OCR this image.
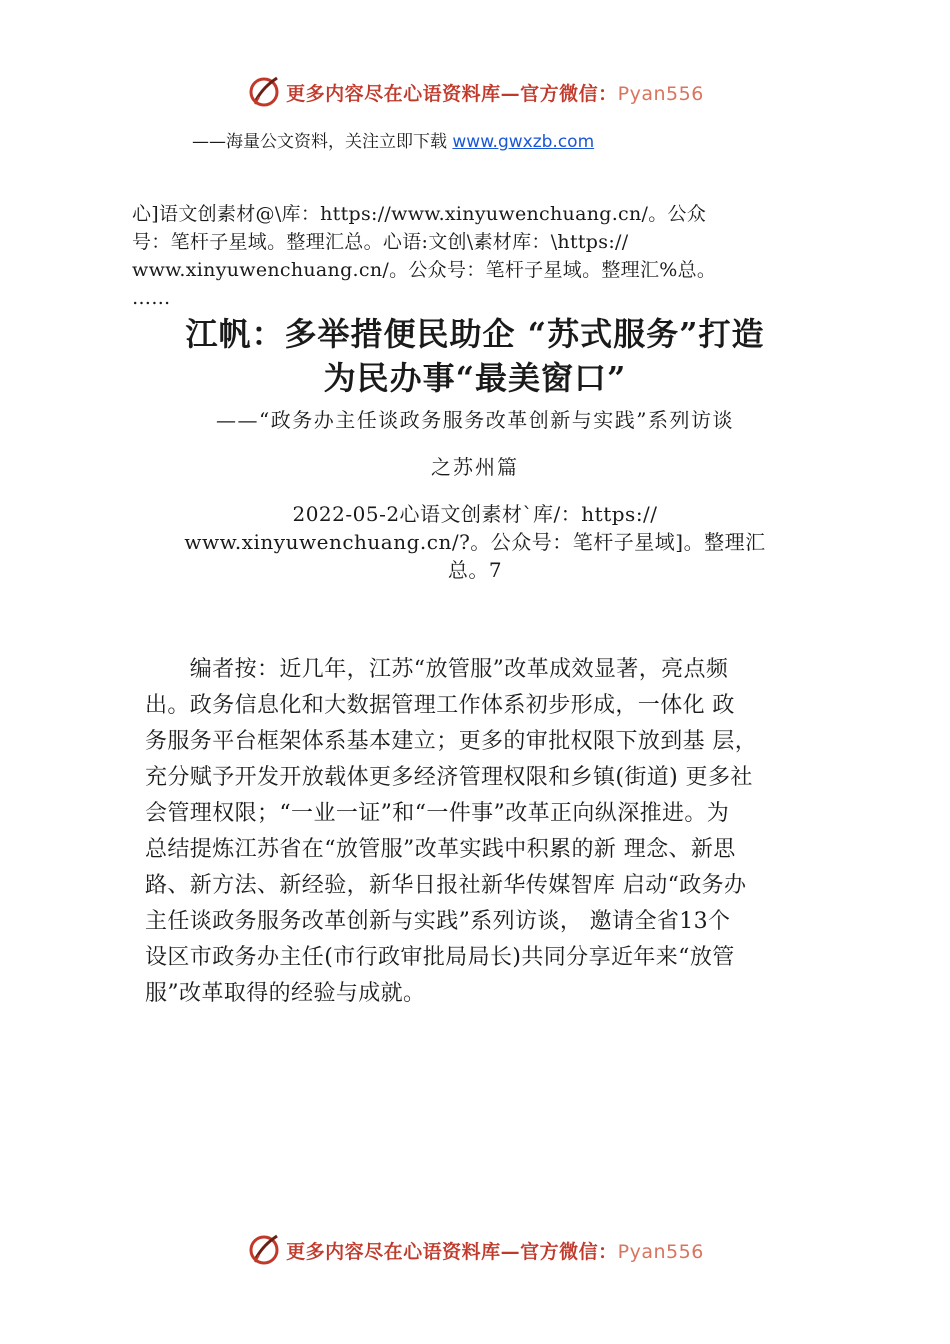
更多内容尽在心语资料库—官方微信：Pyan556
——海量公文资料，关注立即下载 www.gwxzb.com

心]语文创素材@\库：https://www.xinyuwenchuang.cn/。公众
号：笔杆子星域。整理汇总。心语:文创\素材库：\https://
www.xinyuwenchuang.cn/。公众号：笔杆子星域。整理汇%总。
……

江帆：多举措便民助企 “苏式服务”打造
为民办事“最美窗口”

——“政务办主任谈政务服务改革创新与实践”系列访谈

之苏州篇

2022-05-2心语文创素材`库/：https://
www.xinyuwenchuang.cn/?。公众号：笔杆子星域]。整理汇
总。7

　　编者按：近几年，江苏“放管服”改革成效显著，亮点频
出。政务信息化和大数据管理工作体系初步形成，一体化 政
务服务平台框架体系基本建立；更多的审批权限下放到基 层，
充分赋予开发开放载体更多经济管理权限和乡镇(街道) 更多社
会管理权限；“一业一证”和“一件事”改革正向纵深推进。为
总结提炼江苏省在“放管服”改革实践中积累的新 理念、新思
路、新方法、新经验，新华日报社新华传媒智库 启动“政务办
主任谈政务服务改革创新与实践”系列访谈， 邀请全省13个
设区市政务办主任(市行政审批局局长)共同分享近年来“放管
服”改革取得的经验与成就。

更多内容尽在心语资料库—官方微信：Pyan556
